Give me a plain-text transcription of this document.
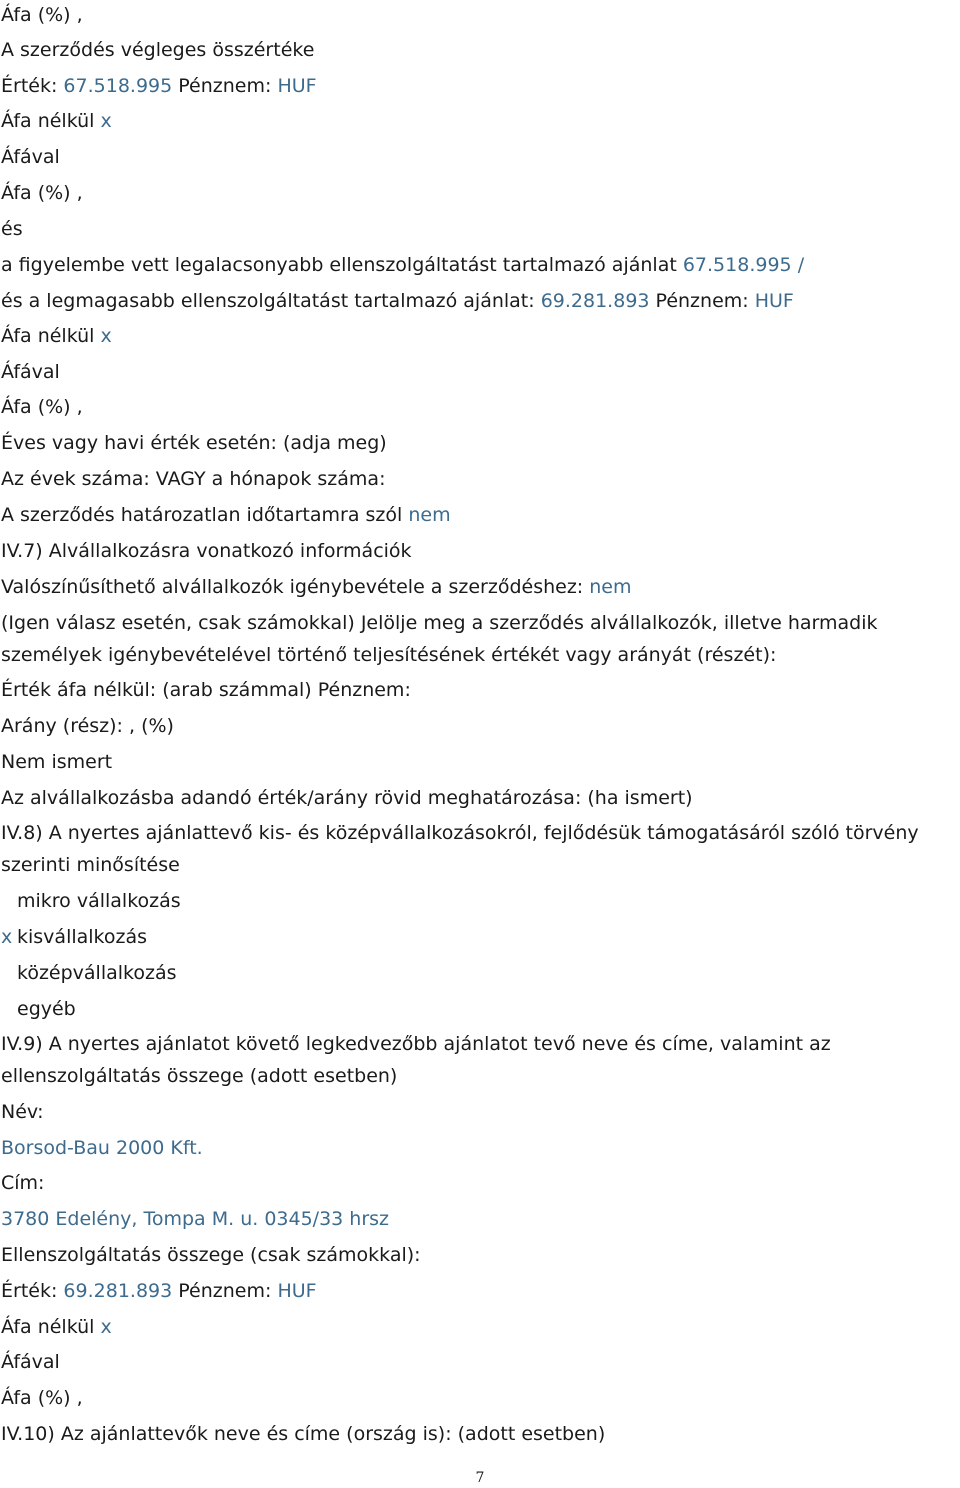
Áfa (%) ,
A szerződés végleges összértéke
Érték: 67.518.995 Pénznem: HUF
Áfa nélkül x
Áfával
Áfa (%) ,
és
a figyelembe vett legalacsonyabb ellenszolgáltatást tartalmazó ajánlat 67.518.995 /
és a legmagasabb ellenszolgáltatást tartalmazó ajánlat: 69.281.893 Pénznem: HUF
Áfa nélkül x
Áfával
Áfa (%) ,
Éves vagy havi érték esetén: (adja meg)
Az évek száma: VAGY a hónapok száma:
A szerződés határozatlan időtartamra szól nem
IV.7) Alvállalkozásra vonatkozó információk
Valószínűsíthető alvállalkozók igénybevétele a szerződéshez: nem
(Igen válasz esetén, csak számokkal) Jelölje meg a szerződés alvállalkozók, illetve harmadik személyek igénybevételével történő teljesítésének értékét vagy arányát (részét):
Érték áfa nélkül: (arab számmal) Pénznem:
Arány (rész): , (%)
Nem ismert
Az alvállalkozásba adandó érték/arány rövid meghatározása: (ha ismert)
IV.8) A nyertes ajánlattevő kis- és középvállalkozásokról, fejlődésük támogatásáról szóló törvény szerinti minősítése
mikro vállalkozás
x kisvállalkozás
középvállalkozás
egyéb
IV.9) A nyertes ajánlatot követő legkedvezőbb ajánlatot tevő neve és címe, valamint az ellenszolgáltatás összege (adott esetben)
Név:
Borsod-Bau 2000 Kft.
Cím:
3780 Edelény, Tompa M. u. 0345/33 hrsz
Ellenszolgáltatás összege (csak számokkal):
Érték: 69.281.893 Pénznem: HUF
Áfa nélkül x
Áfával
Áfa (%) ,
IV.10) Az ajánlattevők neve és címe (ország is): (adott esetben)
7
